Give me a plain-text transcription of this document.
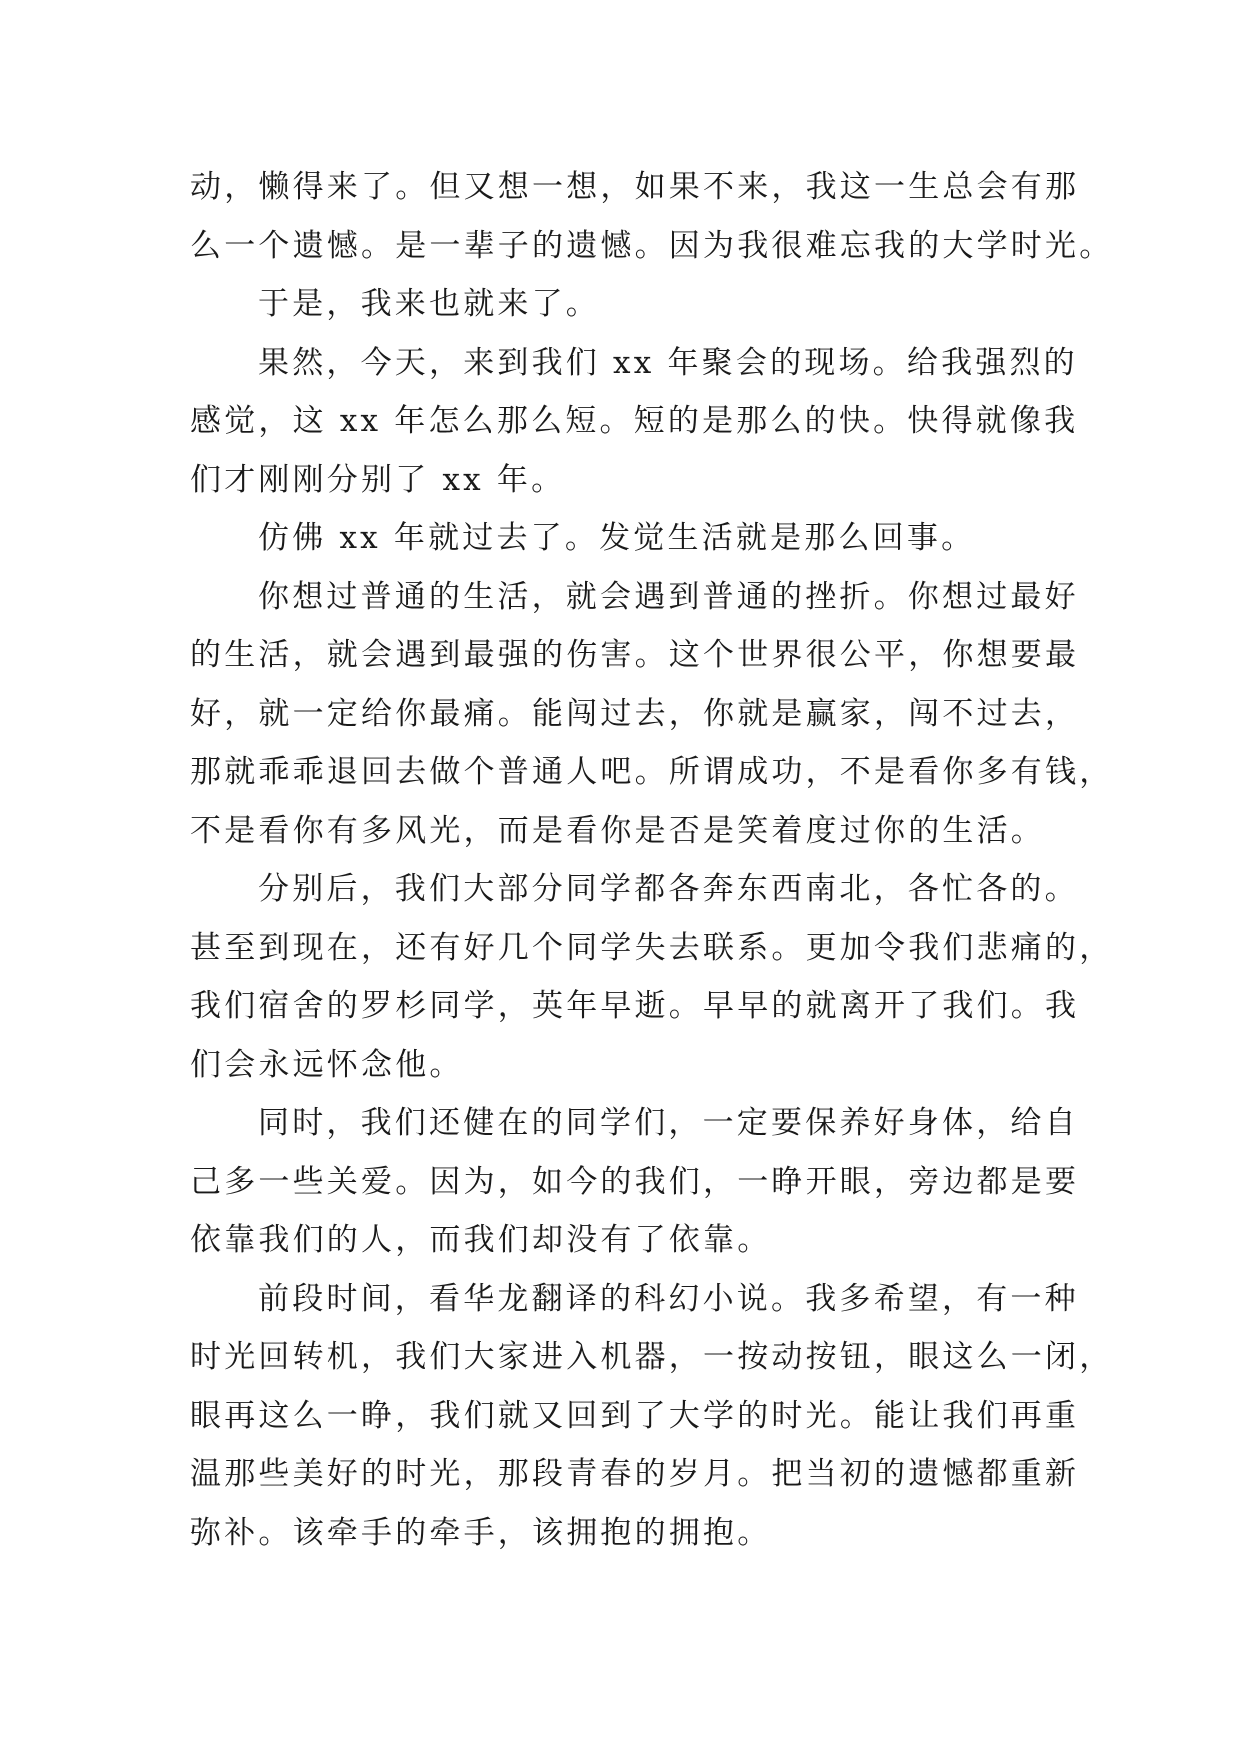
动，懒得来了。但又想一想，如果不来，我这一生总会有那
么一个遗憾。是一辈子的遗憾。因为我很难忘我的大学时光。
于是，我来也就来了。
果然，今天，来到我们 xx 年聚会的现场。给我强烈的
感觉，这 xx 年怎么那么短。短的是那么的快。快得就像我
们才刚刚分别了 xx 年。
仿佛 xx 年就过去了。发觉生活就是那么回事。
你想过普通的生活，就会遇到普通的挫折。你想过最好
的生活，就会遇到最强的伤害。这个世界很公平，你想要最
好，就一定给你最痛。能闯过去，你就是赢家，闯不过去，
那就乖乖退回去做个普通人吧。所谓成功，不是看你多有钱，
不是看你有多风光，而是看你是否是笑着度过你的生活。
分别后，我们大部分同学都各奔东西南北，各忙各的。
甚至到现在，还有好几个同学失去联系。更加令我们悲痛的，
我们宿舍的罗杉同学，英年早逝。早早的就离开了我们。我
们会永远怀念他。
同时，我们还健在的同学们，一定要保养好身体，给自
己多一些关爱。因为，如今的我们，一睁开眼，旁边都是要
依靠我们的人，而我们却没有了依靠。
前段时间，看华龙翻译的科幻小说。我多希望，有一种
时光回转机，我们大家进入机器，一按动按钮，眼这么一闭，
眼再这么一睁，我们就又回到了大学的时光。能让我们再重
温那些美好的时光，那段青春的岁月。把当初的遗憾都重新
弥补。该牵手的牵手，该拥抱的拥抱。
